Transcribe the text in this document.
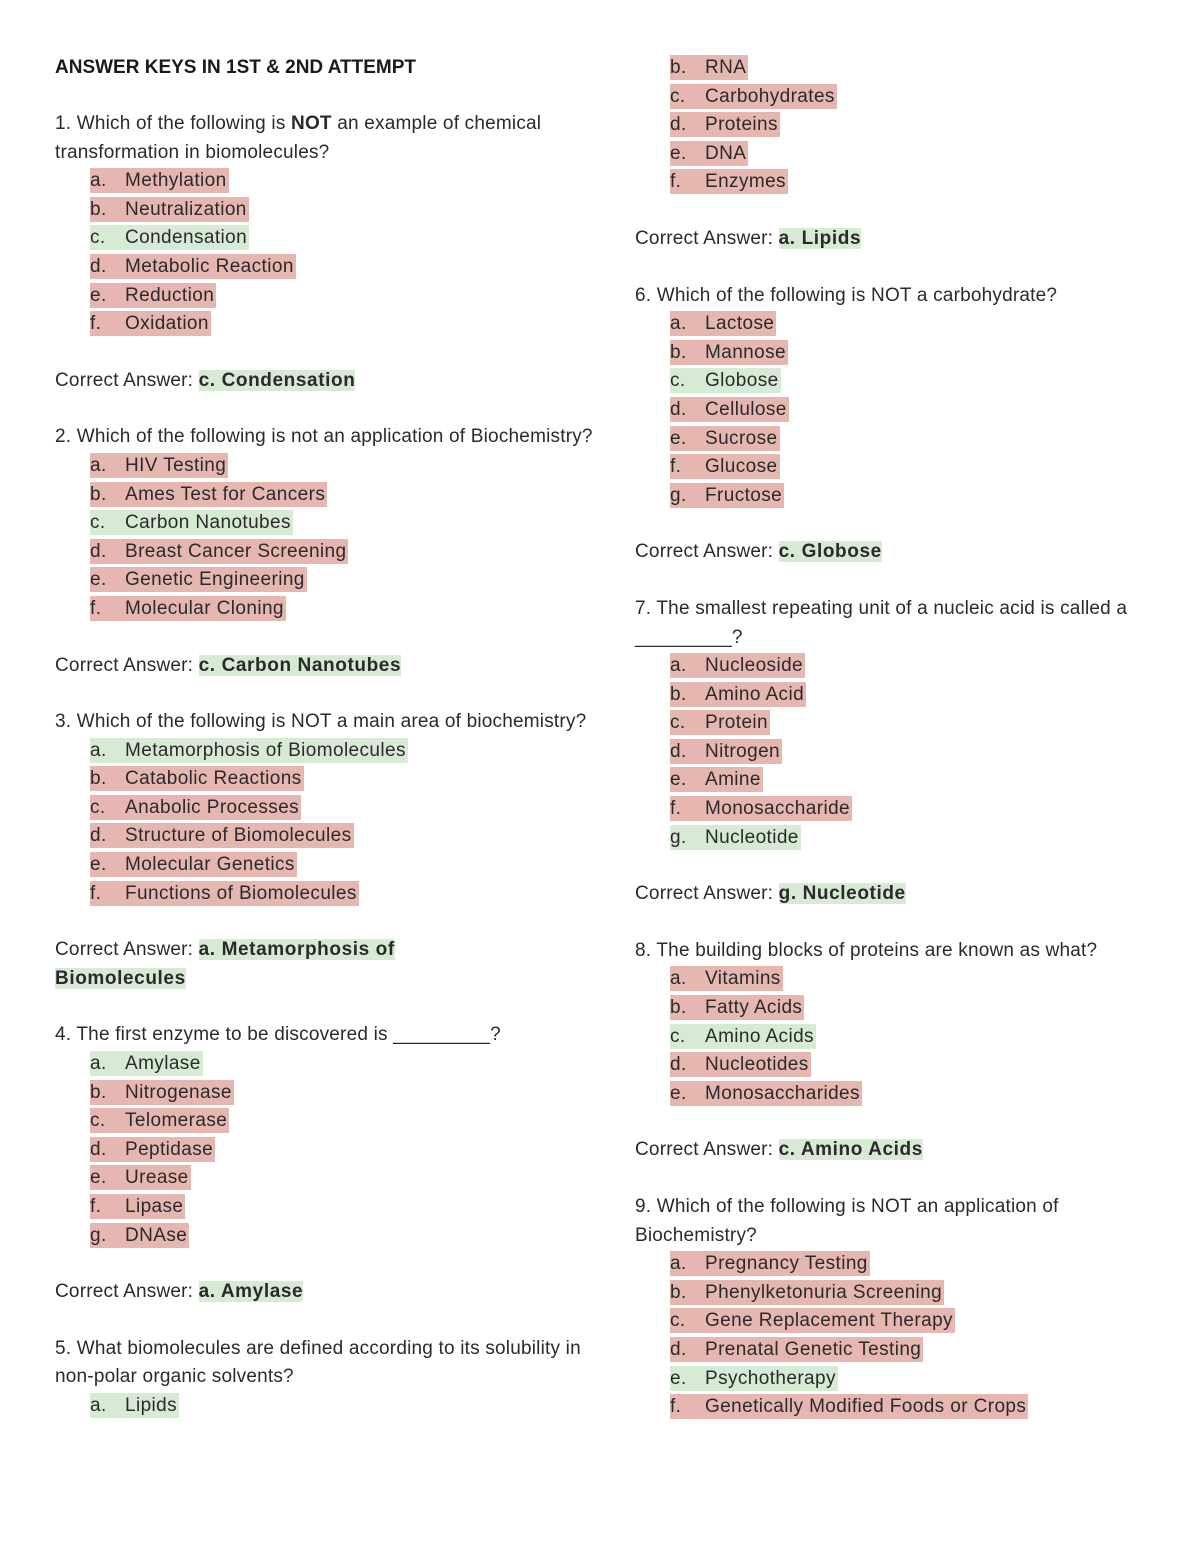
ANSWER KEYS IN 1ST & 2ND ATTEMPT
1. Which of the following is NOT an example of chemical transformation in biomolecules?
a. Methylation
b. Neutralization
c. Condensation
d. Metabolic Reaction
e. Reduction
f. Oxidation
Correct Answer: c. Condensation
2. Which of the following is not an application of Biochemistry?
a. HIV Testing
b. Ames Test for Cancers
c. Carbon Nanotubes
d. Breast Cancer Screening
e. Genetic Engineering
f. Molecular Cloning
Correct Answer: c. Carbon Nanotubes
3. Which of the following is NOT a main area of biochemistry?
a. Metamorphosis of Biomolecules
b. Catabolic Reactions
c. Anabolic Processes
d. Structure of Biomolecules
e. Molecular Genetics
f. Functions of Biomolecules
Correct Answer: a. Metamorphosis of
Biomolecules
4. The first enzyme to be discovered is _________?
a. Amylase
b. Nitrogenase
c. Telomerase
d. Peptidase
e. Urease
f. Lipase
g. DNAse
Correct Answer: a. Amylase
5. What biomolecules are defined according to its solubility in non-polar organic solvents?
a. Lipids
b. RNA
c. Carbohydrates
d. Proteins
e. DNA
f. Enzymes
Correct Answer: a. Lipids
6. Which of the following is NOT a carbohydrate?
a. Lactose
b. Mannose
c. Globose
d. Cellulose
e. Sucrose
f. Glucose
g. Fructose
Correct Answer: c. Globose
7. The smallest repeating unit of a nucleic acid is called a _________?
a. Nucleoside
b. Amino Acid
c. Protein
d. Nitrogen
e. Amine
f. Monosaccharide
g. Nucleotide
Correct Answer: g. Nucleotide
8. The building blocks of proteins are known as what?
a. Vitamins
b. Fatty Acids
c. Amino Acids
d. Nucleotides
e. Monosaccharides
Correct Answer: c. Amino Acids
9. Which of the following is NOT an application of Biochemistry?
a. Pregnancy Testing
b. Phenylketonuria Screening
c. Gene Replacement Therapy
d. Prenatal Genetic Testing
e. Psychotherapy
f. Genetically Modified Foods or Crops
